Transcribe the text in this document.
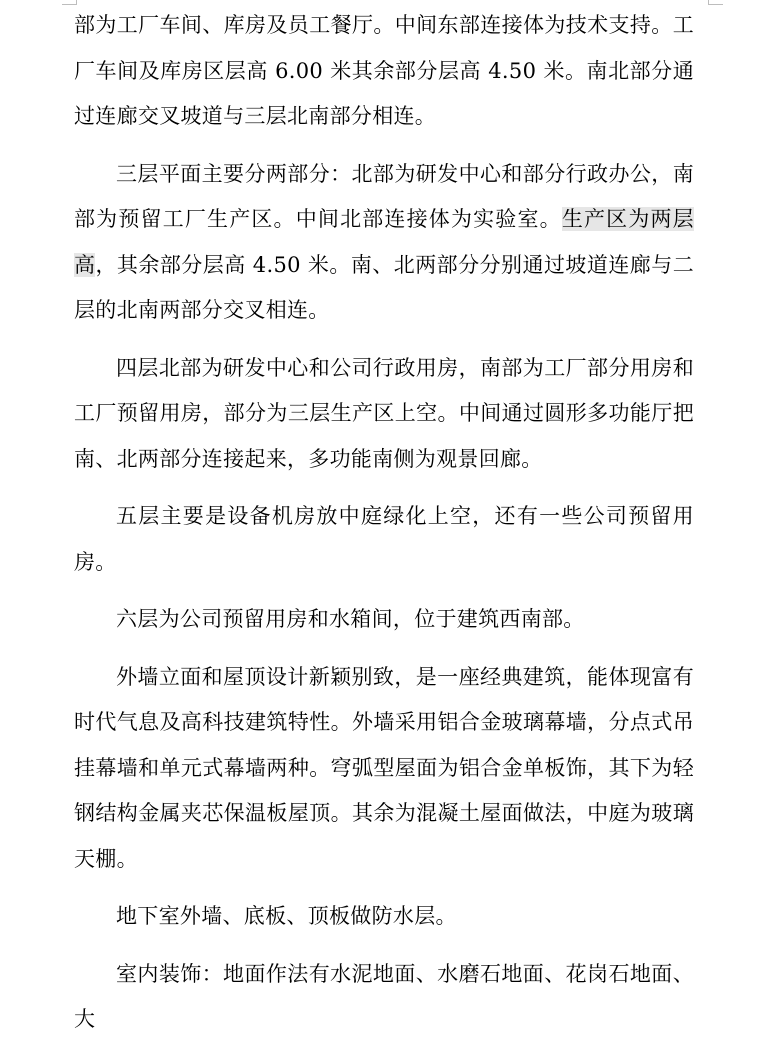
部为工厂车间、库房及员工餐厅。中间东部连接体为技术支持。工厂车间及库房区层高 6.00 米其余部分层高 4.50 米。南北部分通过连廊交叉坡道与三层北南部分相连。

三层平面主要分两部分：北部为研发中心和部分行政办公，南部为预留工厂生产区。中间北部连接体为实验室。生产区为两层高，其余部分层高 4.50 米。南、北两部分分别通过坡道连廊与二层的北南两部分交叉相连。

四层北部为研发中心和公司行政用房，南部为工厂部分用房和工厂预留用房，部分为三层生产区上空。中间通过圆形多功能厅把南、北两部分连接起来，多功能南侧为观景回廊。

五层主要是设备机房放中庭绿化上空，还有一些公司预留用房。

六层为公司预留用房和水箱间，位于建筑西南部。

外墙立面和屋顶设计新颖别致，是一座经典建筑，能体现富有时代气息及高科技建筑特性。外墙采用铝合金玻璃幕墙，分点式吊挂幕墙和单元式幕墙两种。穹弧型屋面为铝合金单板饰，其下为轻钢结构金属夹芯保温板屋顶。其余为混凝土屋面做法，中庭为玻璃天棚。

地下室外墙、底板、顶板做防水层。

室内装饰：地面作法有水泥地面、水磨石地面、花岗石地面、大
